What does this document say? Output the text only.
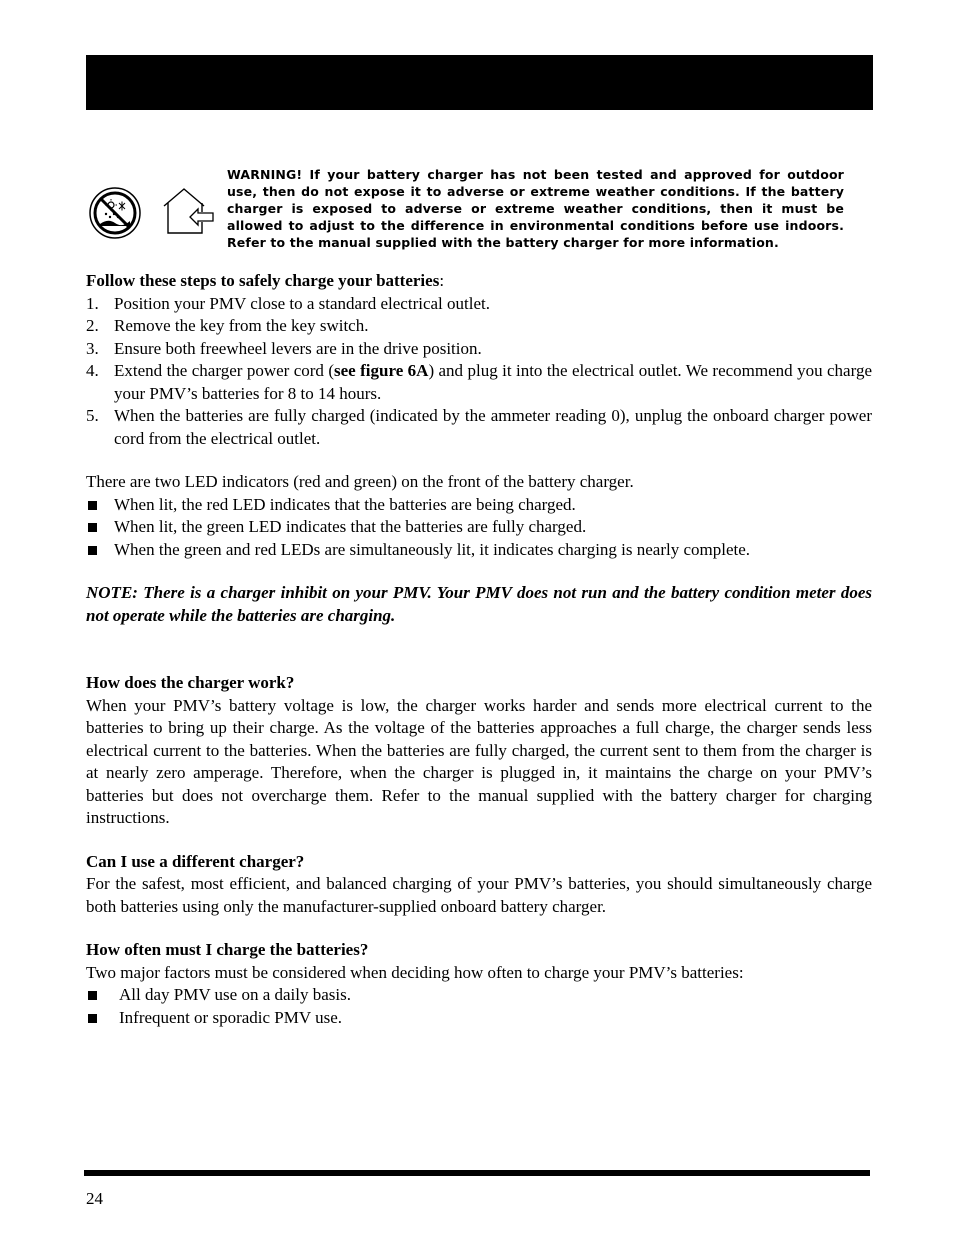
WARNING! If your battery charger has not been tested and approved for outdoor use, then do not expose it to adverse or extreme weather conditions. If the battery charger is exposed to adverse or extreme weather conditions, then it must be allowed to adjust to the difference in environmental conditions before use indoors. Refer to the manual supplied with the battery charger for more information.

Follow these steps to safely charge your batteries:

1. Position your PMV close to a standard electrical outlet.
2. Remove the key from the key switch.
3. Ensure both freewheel levers are in the drive position.
4. Extend the charger power cord (see figure 6A) and plug it into the electrical outlet. We recommend you charge your PMV’s batteries for 8 to 14 hours.
5. When the batteries are fully charged (indicated by the ammeter reading 0), unplug the onboard charger power cord from the electrical outlet.

There are two LED indicators (red and green) on the front of the battery charger.

When lit, the red LED indicates that the batteries are being charged.
When lit, the green LED indicates that the batteries are fully charged.
When the green and red LEDs are simultaneously lit, it indicates charging is nearly complete.

NOTE: There is a charger inhibit on your PMV. Your PMV does not run and the battery condition meter does not operate while the batteries are charging.

How does the charger work?

When your PMV’s battery voltage is low, the charger works harder and sends more electrical current to the batteries to bring up their charge. As the voltage of the batteries approaches a full charge, the charger sends less electrical current to the batteries. When the batteries are fully charged, the current sent to them from the charger is at nearly zero amperage. Therefore, when the charger is plugged in, it maintains the charge on your PMV’s batteries but does not overcharge them. Refer to the manual supplied with the battery charger for charging instructions.

Can I use a different charger?

For the safest, most efficient, and balanced charging of your PMV’s batteries, you should simultaneously charge both batteries using only the manufacturer-supplied onboard battery charger.

How often must I charge the batteries?

Two major factors must be considered when deciding how often to charge your PMV’s batteries:

All day PMV use on a daily basis.
Infrequent or sporadic PMV use.
24
